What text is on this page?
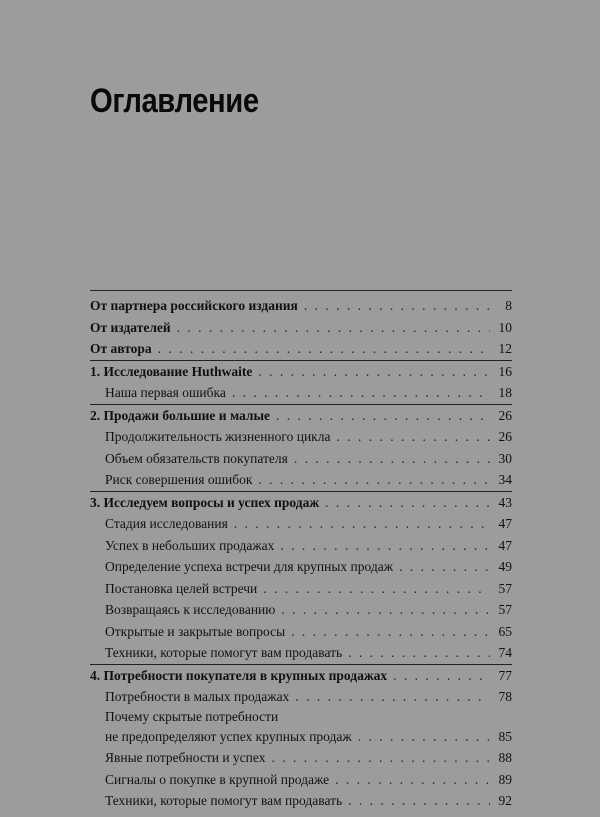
Оглавление
От партнера российского издания . . .	8
От издателей . . .	10
От автора . . .	12
1. Исследование Huthwaite . . .	16
Наша первая ошибка . . .	18
2. Продажи большие и малые . . .	26
Продолжительность жизненного цикла . . .	26
Объем обязательств покупателя . . .	30
Риск совершения ошибок . . .	34
3. Исследуем вопросы и успех продаж . . .	43
Стадия исследования . . .	47
Успех в небольших продажах . . .	47
Определение успеха встречи для крупных продаж . . .	49
Постановка целей встречи . . .	57
Возвращаясь к исследованию . . .	57
Открытые и закрытые вопросы . . .	65
Техники, которые помогут вам продавать . . .	74
4. Потребности покупателя в крупных продажах . . .	77
Потребности в малых продажах . . .	78
Почему скрытые потребности
не предопределяют успех крупных продаж . . .	85
Явные потребности и успех . . .	88
Сигналы о покупке в крупной продаже . . .	89
Техники, которые помогут вам продавать . . .	92
